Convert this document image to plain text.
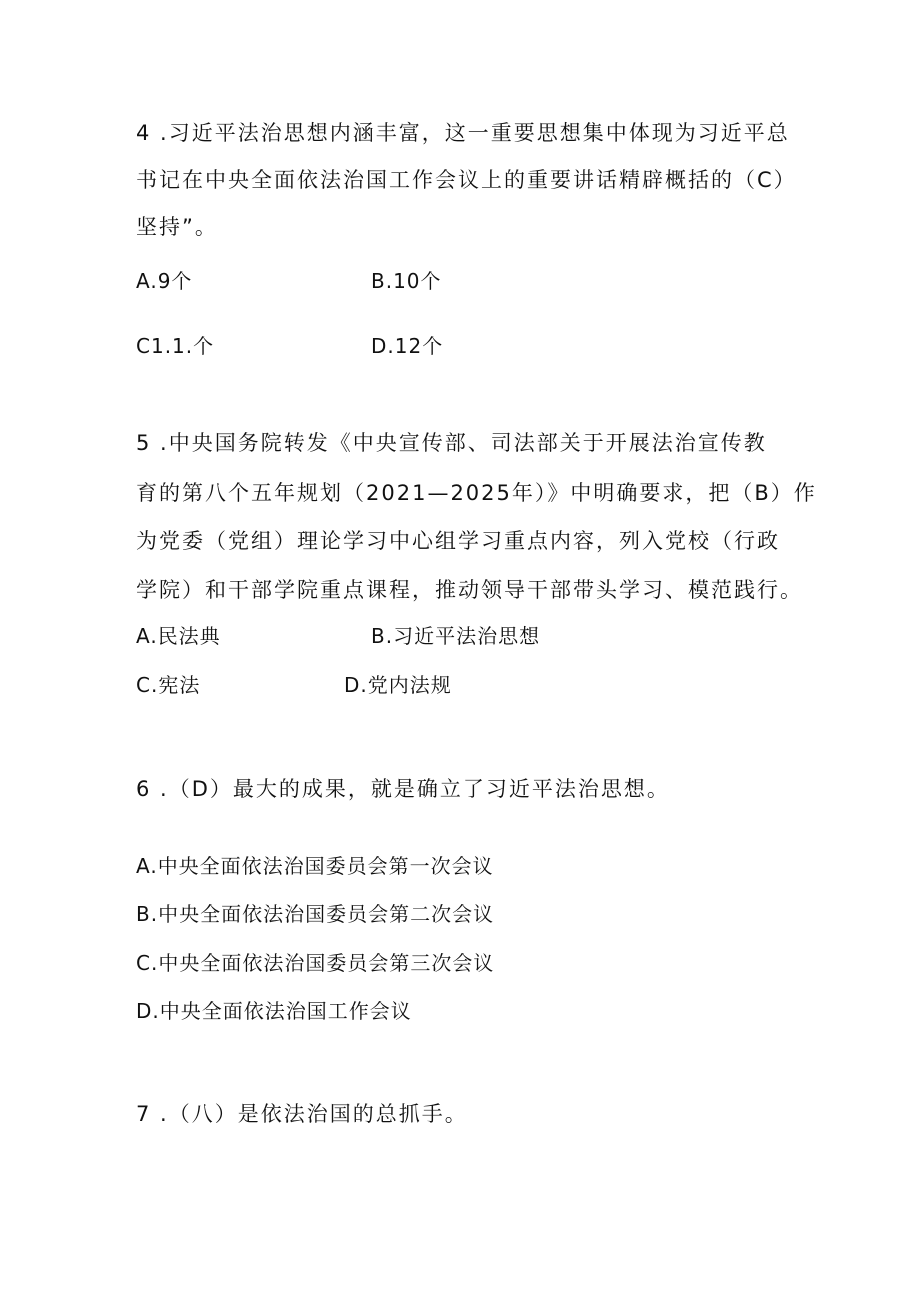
4 .习近平法治思想内涵丰富，这一重要思想集中体现为习近平总
书记在中央全面依法治国工作会议上的重要讲话精辟概括的（C）
坚持”。
A.9个	B.10个
C1.1.个	D.12个
5 .中央国务院转发《中央宣传部、司法部关于开展法治宣传教
育的第八个五年规划（2021—2025年）》中明确要求，把（B）作
为党委（党组）理论学习中心组学习重点内容，列入党校（行政
学院）和干部学院重点课程，推动领导干部带头学习、模范践行。
A.民法典	B.习近平法治思想
C.宪法	D.党内法规
6 .（D）最大的成果，就是确立了习近平法治思想。
A.中央全面依法治国委员会第一次会议
B.中央全面依法治国委员会第二次会议
C.中央全面依法治国委员会第三次会议
D.中央全面依法治国工作会议
7 .（八）是依法治国的总抓手。
